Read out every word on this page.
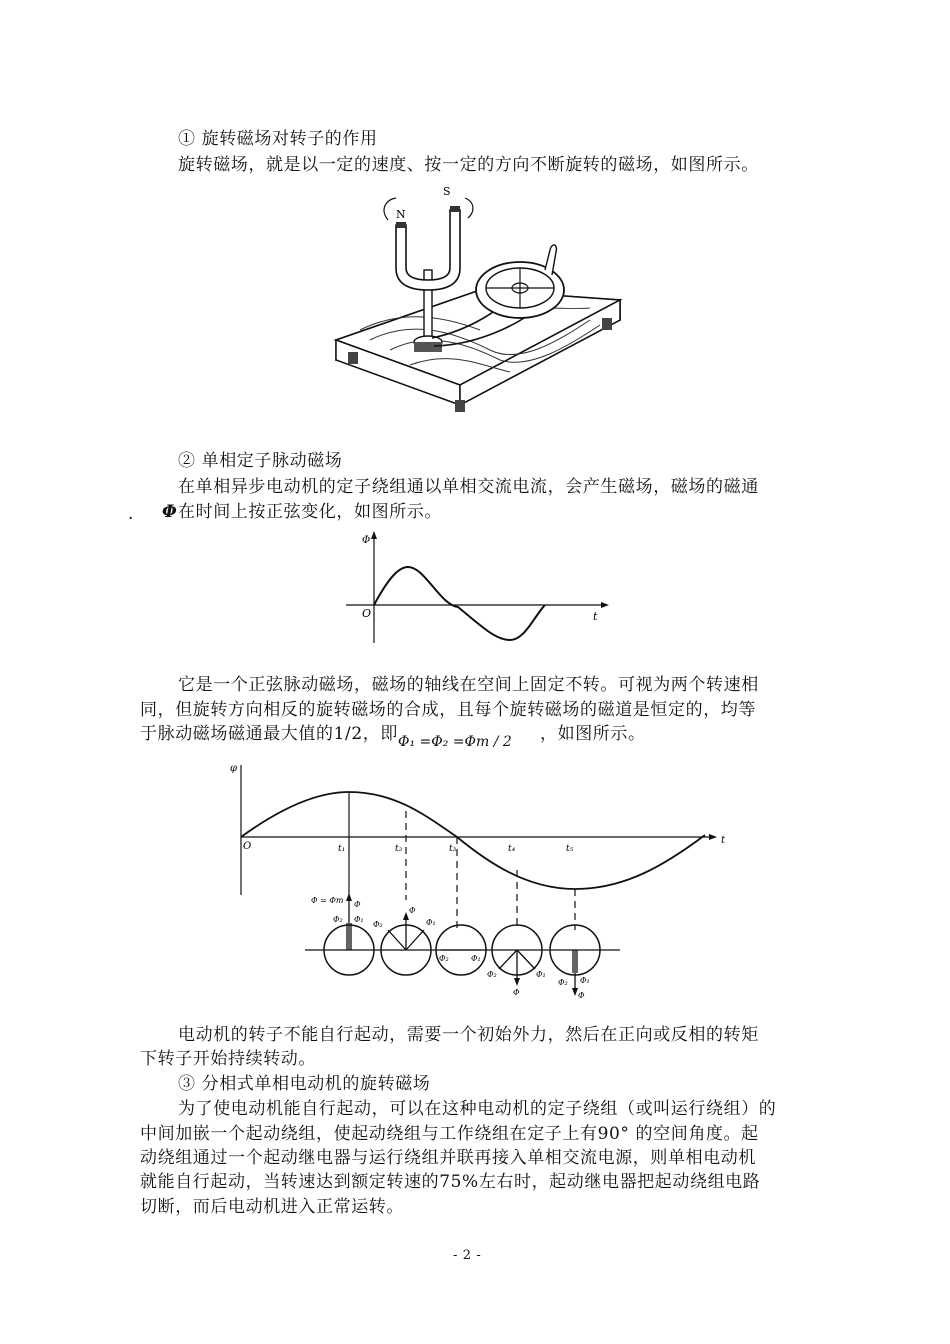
① 旋转磁场对转子的作用
旋转磁场，就是以一定的速度、按一定的方向不断旋转的磁场，如图所示。
N
S
② 单相定子脉动磁场
在单相异步电动机的定子绕组通以单相交流电流，会产生磁场，磁场的磁通
. Φ 在时间上按正弦变化，如图所示。
Φ
O	t
它是一个正弦脉动磁场，磁场的轴线在空间上固定不转。可视为两个转速相
同，但旋转方向相反的旋转磁场的合成，且每个旋转磁场的磁道是恒定的，均等
于脉动磁场磁通最大值的1/2，即 Φ₁ =Φ₂ =Φm / 2 ，如图所示。
φ
t
O	t₁	t₂	t₃	t₄	t₅
Φ = Φm Φ
Φ₂ Φ₁
Φ
Φ₂	Φ₁
Φ₂	Φ₁
Φ₂	Φ₁
Φ
Φ₂ Φ₁
Φ
电动机的转子不能自行起动，需要一个初始外力，然后在正向或反相的转矩
下转子开始持续转动。
③ 分相式单相电动机的旋转磁场
为了使电动机能自行起动，可以在这种电动机的定子绕组（或叫运行绕组）的
中间加嵌一个起动绕组，使起动绕组与工作绕组在定子上有90° 的空间角度。起
动绕组通过一个起动继电器与运行绕组并联再接入单相交流电源，则单相电动机
就能自行起动，当转速达到额定转速的75%左右时，起动继电器把起动绕组电路
切断，而后电动机进入正常运转。
- 2 -
